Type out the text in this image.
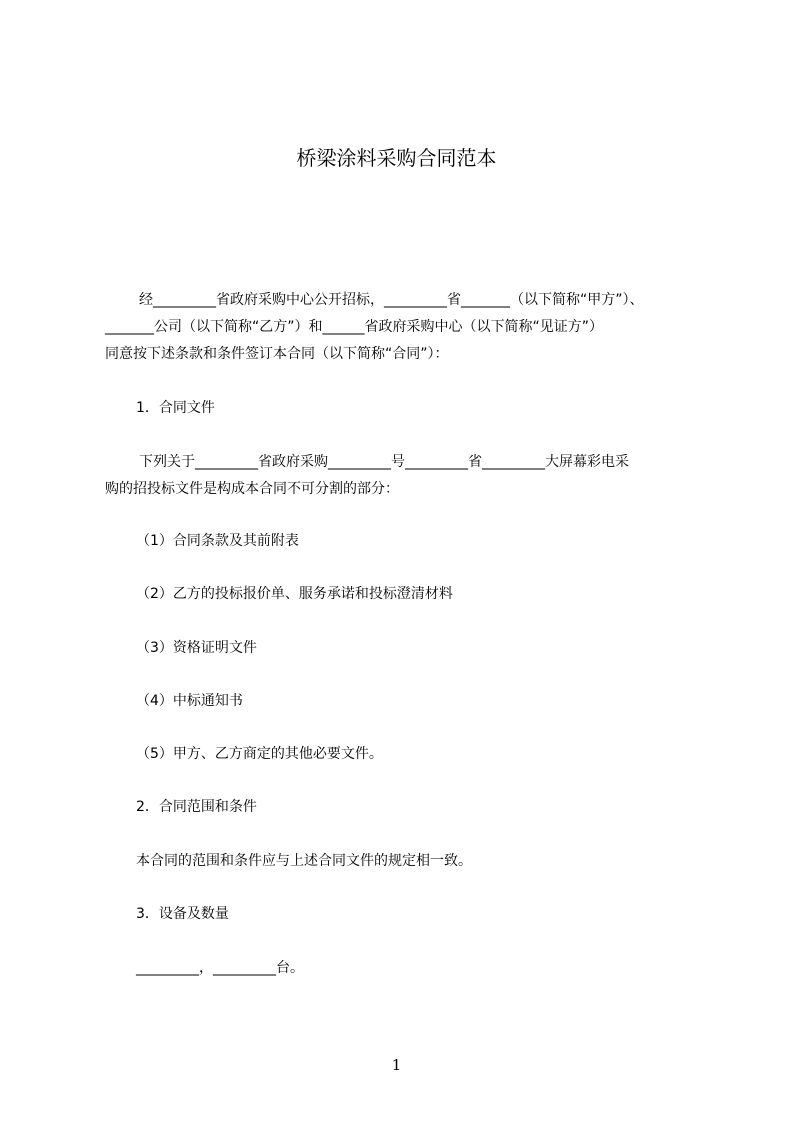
桥梁涂料采购合同范本
经_________省政府采购中心公开招标，_________省_______（以下简称“甲方”）、
_______公司（以下简称“乙方”）和______省政府采购中心（以下简称“见证方”）
同意按下述条款和条件签订本合同（以下简称“合同”）：
1．合同文件
下列关于_________省政府采购_________号_________省_________大屏幕彩电采
购的招投标文件是构成本合同不可分割的部分：
（1）合同条款及其前附表
（2）乙方的投标报价单、服务承诺和投标澄清材料
（3）资格证明文件
（4）中标通知书
（5）甲方、乙方商定的其他必要文件。
2．合同范围和条件
本合同的范围和条件应与上述合同文件的规定相一致。
3．设备及数量
_________，_________台。
1
